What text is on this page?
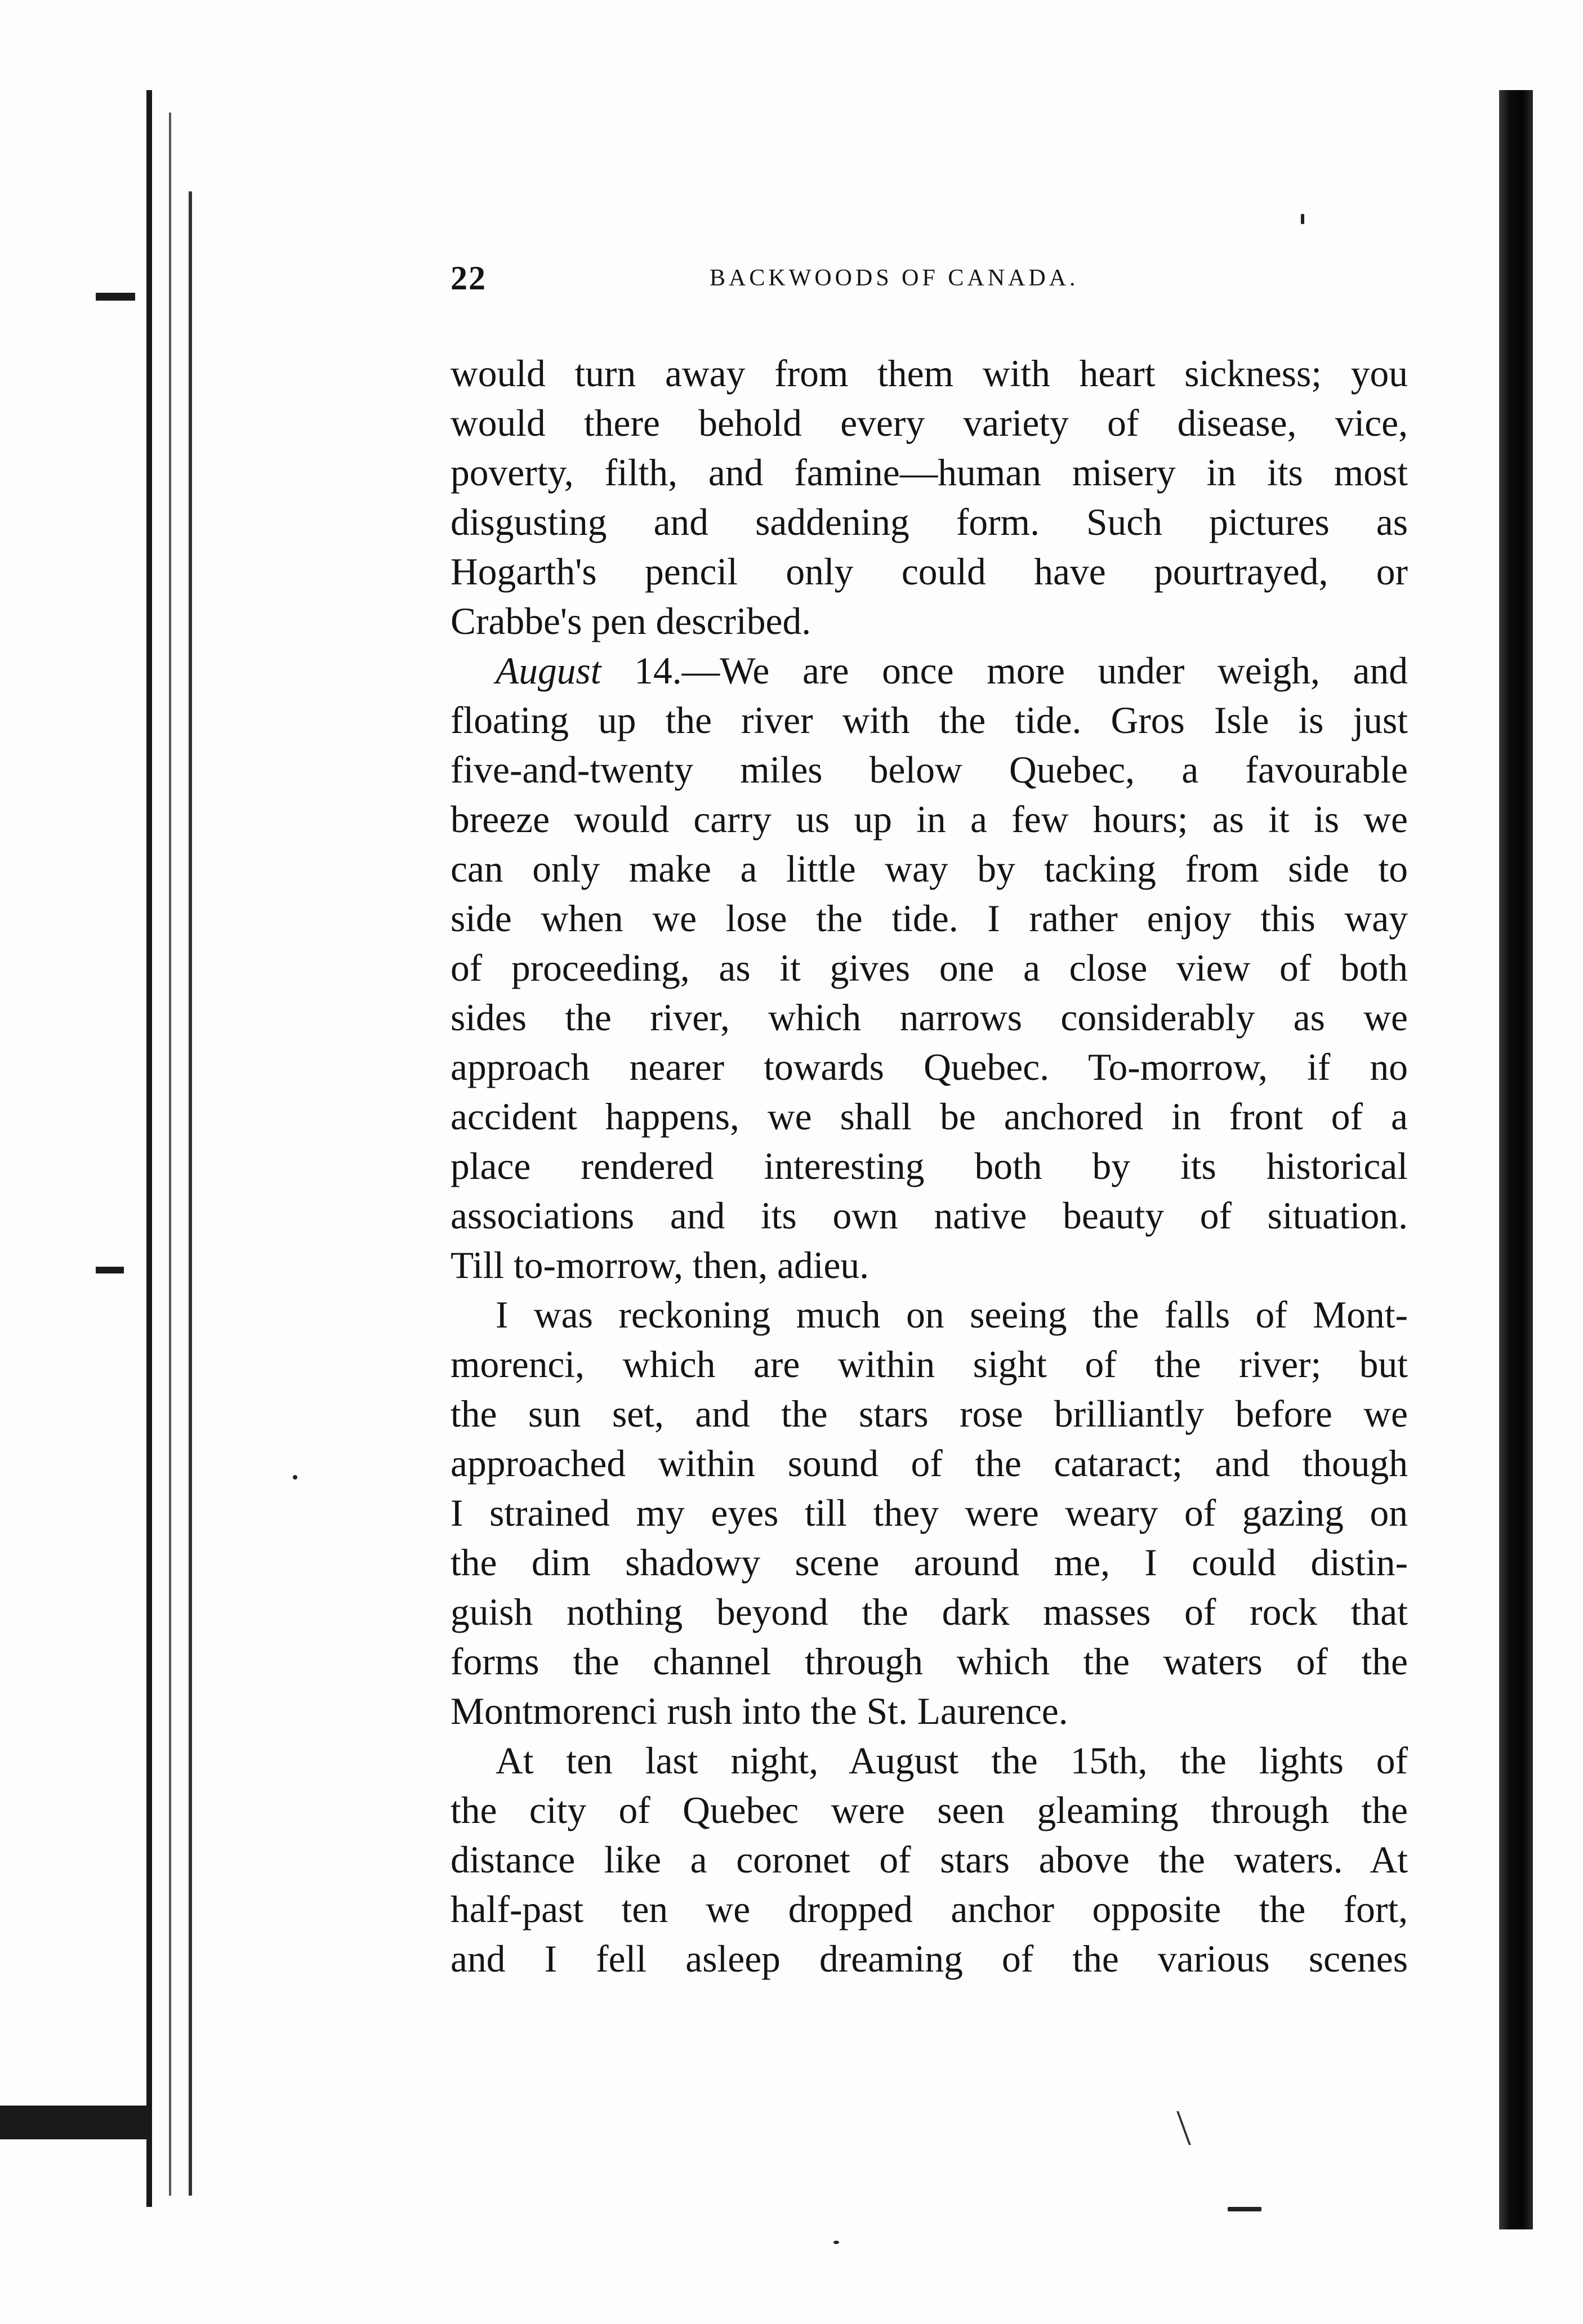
22	BACKWOODS OF CANADA.
would turn away from them with heart sickness; you
would there behold every variety of disease, vice,
poverty, filth, and famine—human misery in its most
disgusting and saddening form. Such pictures as
Hogarth's pencil only could have pourtrayed, or
Crabbe's pen described.
August 14.—We are once more under weigh, and
floating up the river with the tide. Gros Isle is just
five-and-twenty miles below Quebec, a favourable
breeze would carry us up in a few hours; as it is we
can only make a little way by tacking from side to
side when we lose the tide. I rather enjoy this way
of proceeding, as it gives one a close view of both
sides the river, which narrows considerably as we
approach nearer towards Quebec. To-morrow, if no
accident happens, we shall be anchored in front of a
place rendered interesting both by its historical
associations and its own native beauty of situation.
Till to-morrow, then, adieu.
I was reckoning much on seeing the falls of Mont-
morenci, which are within sight of the river; but
the sun set, and the stars rose brilliantly before we
approached within sound of the cataract; and though
I strained my eyes till they were weary of gazing on
the dim shadowy scene around me, I could distin-
guish nothing beyond the dark masses of rock that
forms the channel through which the waters of the
Montmorenci rush into the St. Laurence.
At ten last night, August the 15th, the lights of
the city of Quebec were seen gleaming through the
distance like a coronet of stars above the waters. At
half-past ten we dropped anchor opposite the fort,
and I fell asleep dreaming of the various scenes
